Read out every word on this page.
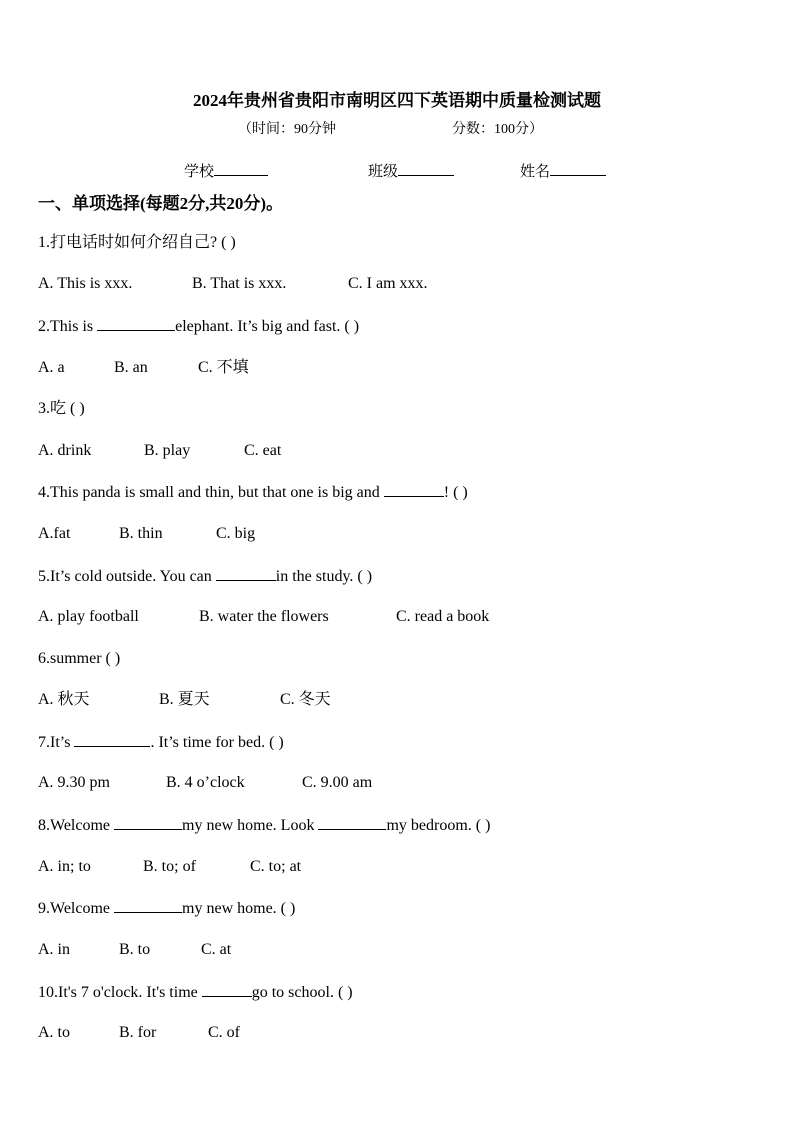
2024年贵州省贵阳市南明区四下英语期中质量检测试题
（时间：90分钟	分数：100分）
学校	班级	姓名
一、单项选择(每题2分,共20分)。
1.打电话时如何介绍自己? ( )
A. This is xxx.	B. That is xxx.	C. I am xxx.
2.This is	elephant. It’s big and fast. ( )
A. a	B. an	C. 不填
3.吃 ( )
A. drink	B. play	C. eat
4.This panda is small and thin, but that one is big and	! ( )
A.fat	B. thin	C. big
5.It’s cold outside. You can	in the study. ( )
A. play football	B. water the flowers	C. read a book
6.summer ( )
A. 秋天	B. 夏天	C. 冬天
7.It’s	. It’s time for bed. ( )
A. 9.30 pm	B. 4 o’clock	C. 9.00 am
8.Welcome	my new home. Look	my bedroom. ( )
A. in; to	B. to; of	C. to; at
9.Welcome	my new home. ( )
A. in	B. to	C. at
10.It's 7 o'clock. It's time	go to school. ( )
A. to	B. for	C. of
